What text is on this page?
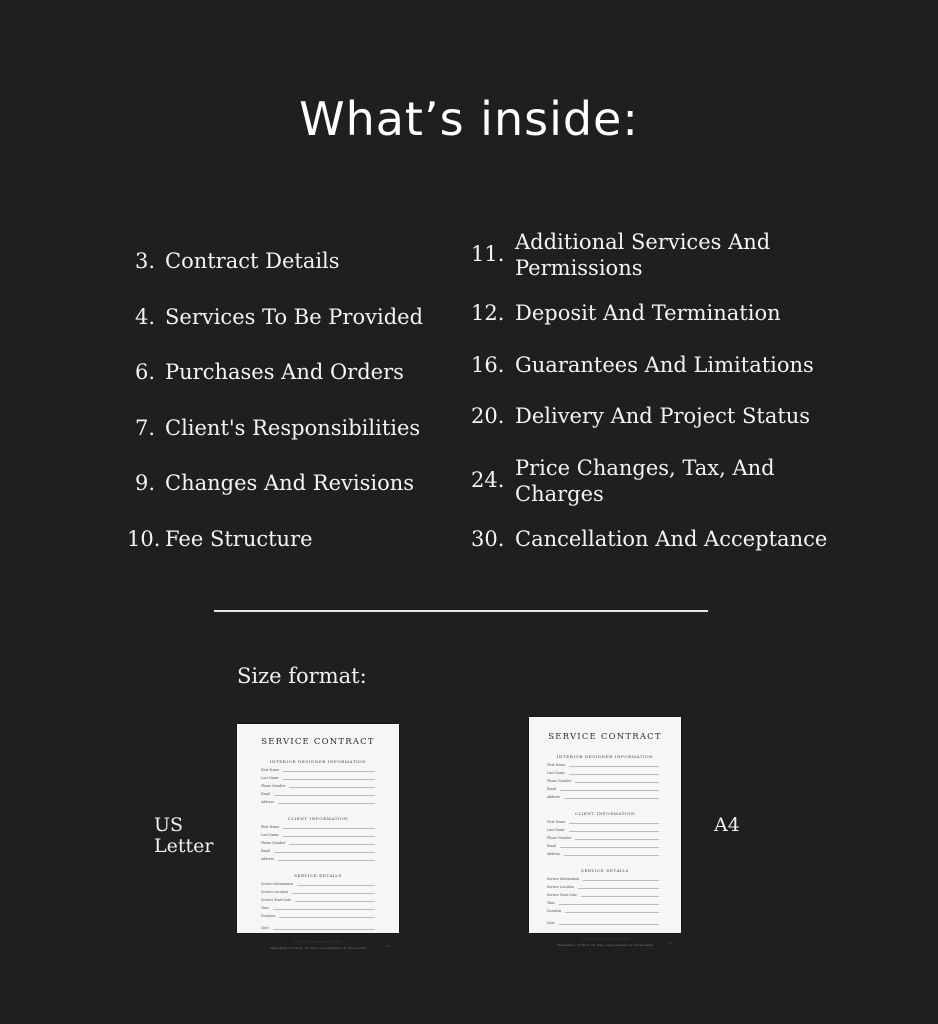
What’s inside:
3. Contract Details
4. Services To Be Provided
6. Purchases And Orders
7. Client's Responsibilities
9. Changes And Revisions
10. Fee Structure
11. Additional Services And
Permissions
12. Deposit And Termination
16. Guarantees And Limitations
20. Delivery And Project Status
24. Price Changes, Tax, And
Charges
30. Cancellation And Acceptance
Size format:
US
Letter
A4
SERVICE CONTRACT
INTERIOR DESIGNER INFORMATION
First Name
Last Name
Phone Number
Email
Address
CLIENT INFORMATION
First Name
Last Name
Phone Number
Email
Address
SERVICE DETAILS
Service Information
Service Location
Service Start Date
Time
Duration
Date
YOUR COMPANY NAME
Email address | 123 Street, City, State | www.yourwebsite.com | Phone number
3
SERVICE CONTRACT
INTERIOR DESIGNER INFORMATION
First Name
Last Name
Phone Number
Email
Address
CLIENT INFORMATION
First Name
Last Name
Phone Number
Email
Address
SERVICE DETAILS
Service Information
Service Location
Service Start Date
Time
Duration
Date
YOUR COMPANY NAME
Email address | 123 Street, City, State | www.yourwebsite.com | Phone number
3
